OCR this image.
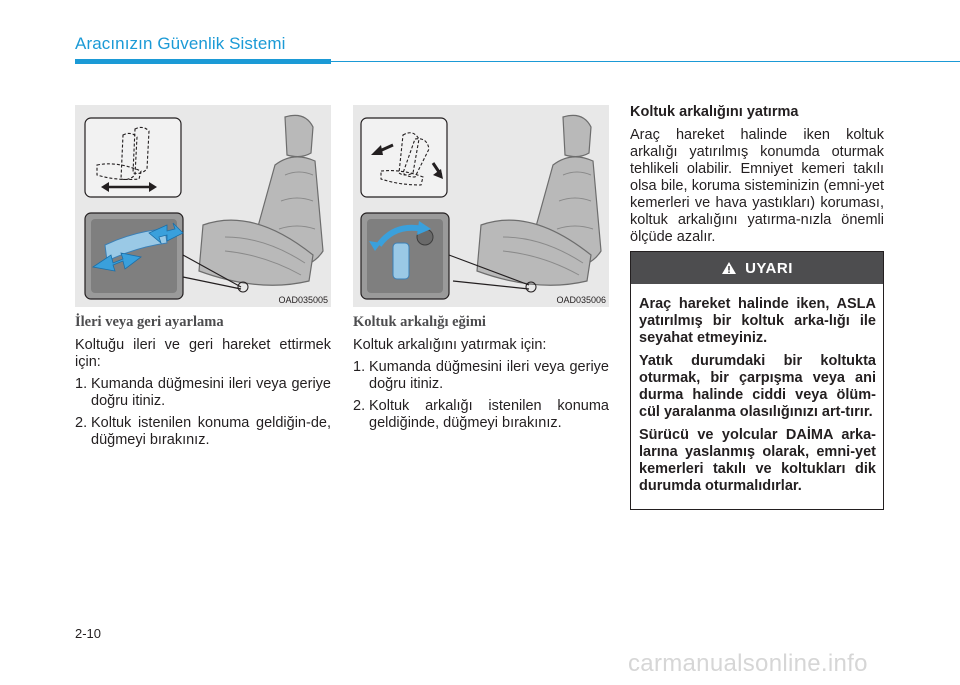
Aracınızın Güvenlik Sistemi
OAD035005	OAD035006
İleri veya geri ayarlama

Koltuğu ileri ve geri hareket ettirmek için:

1. Kumanda düğmesini ileri veya geriye doğru itiniz.
2. Koltuk istenilen konuma geldiğin-de, düğmeyi bırakınız.
Koltuk arkalığı eğimi

Koltuk arkalığını yatırmak için:

1. Kumanda düğmesini ileri veya geriye doğru itiniz.
2. Koltuk arkalığı istenilen konuma geldiğinde, düğmeyi bırakınız.
Koltuk arkalığını yatırma

Araç hareket halinde iken koltuk arkalığı yatırılmış konumda oturmak tehlikeli olabilir. Emniyet kemeri takılı olsa bile, koruma sisteminizin (emni-yet kemerleri ve hava yastıkları) koruması, koltuk arkalığını yatırma-nızla önemli ölçüde azalır.

UYARI

Araç hareket halinde iken, ASLA yatırılmış bir koltuk arka-lığı ile seyahat etmeyiniz.

Yatık durumdaki bir koltukta oturmak, bir çarpışma veya ani durma halinde ciddi veya ölüm-cül yaralanma olasılığınızı art-tırır.

Sürücü ve yolcular DAİMA arka-larına yaslanmış olarak, emni-yet kemerleri takılı ve koltukları dik durumda oturmalıdırlar.

2-10
carmanualsonline.info
